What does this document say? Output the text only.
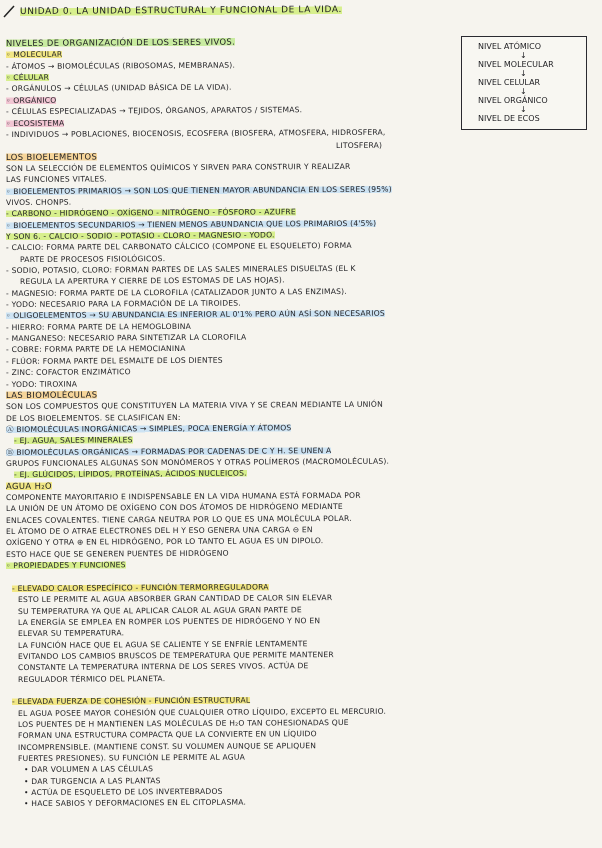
UNIDAD 0. LA UNIDAD ESTRUCTURAL Y FUNCIONAL DE LA VIDA.
NIVEL ATÓMICO
↓
NIVEL MOLECULAR
↓
NIVEL CELULAR
↓
NIVEL ORGÁNICO
↓
NIVEL DE ECOS
NIVELES DE ORGANIZACIÓN DE LOS SERES VIVOS.
◦ MOLECULAR
- ÁTOMOS → BIOMOLÉCULAS (RIBOSOMAS, MEMBRANAS).
◦ CÉLULAR
- ORGÁNULOS → CÉLULAS (UNIDAD BÁSICA DE LA VIDA).
◦ ORGÁNICO
- CÉLULAS ESPECIALIZADAS → TEJIDOS, ÓRGANOS, APARATOS / SISTEMAS.
◦ ECOSISTEMA
- INDIVIDUOS → POBLACIONES, BIOCENOSIS, ECOSFERA (BIOSFERA, ATMOSFERA, HIDROSFERA,
LITOSFERA)
LOS BIOELEMENTOS
SON LA SELECCIÓN DE ELEMENTOS QUÍMICOS Y SIRVEN PARA CONSTRUIR Y REALIZAR
LAS FUNCIONES VITALES.
◦ BIOELEMENTOS PRIMARIOS → SON LOS QUE TIENEN MAYOR ABUNDANCIA EN LOS SERES (95%)
VIVOS. CHONPS.
- CARBONO - HIDRÓGENO - OXÍGENO - NITRÓGENO - FÓSFORO - AZUFRE
◦ BIOELEMENTOS SECUNDARIOS → TIENEN MENOS ABUNDANCIA QUE LOS PRIMARIOS (4'5%)
Y SON 6. - CALCIO - SODIO - POTASIO - CLORO - MAGNESIO - YODO.
- CALCIO: FORMA PARTE DEL CARBONATO CÁLCICO (COMPONE EL ESQUELETO) FORMA
PARTE DE PROCESOS FISIOLÓGICOS.
- SODIO, POTASIO, CLORO: FORMAN PARTES DE LAS SALES MINERALES DISUELTAS (EL K
REGULA LA APERTURA Y CIERRE DE LOS ESTOMAS DE LAS HOJAS).
- MAGNESIO: FORMA PARTE DE LA CLOROFILA (CATALIZADOR JUNTO A LAS ENZIMAS).
- YODO: NECESARIO PARA LA FORMACIÓN DE LA TIROIDES.
◦ OLIGOELEMENTOS → SU ABUNDANCIA ES INFERIOR AL 0'1% PERO AÚN ASÍ SON NECESARIOS
- HIERRO: FORMA PARTE DE LA HEMOGLOBINA
- MANGANESO: NECESARIO PARA SINTETIZAR LA CLOROFILA
- COBRE: FORMA PARTE DE LA HEMOCIANINA
- FLÚOR: FORMA PARTE DEL ESMALTE DE LOS DIENTES
- ZINC: COFACTOR ENZIMÁTICO
- YODO: TIROXINA
LAS BIOMOLÉCULAS
SON LOS COMPUESTOS QUE CONSTITUYEN LA MATERIA VIVA Y SE CREAN MEDIANTE LA UNIÓN
DE LOS BIOELEMENTOS. SE CLASIFICAN EN:
Ⓐ BIOMOLÉCULAS INORGÁNICAS → SIMPLES, POCA ENERGÍA Y ÁTOMOS
- EJ. AGUA, SALES MINERALES
Ⓑ BIOMOLÉCULAS ORGÁNICAS → FORMADAS POR CADENAS DE C Y H. SE UNEN A
GRUPOS FUNCIONALES ALGUNAS SON MONÓMEROS Y OTRAS POLÍMEROS (MACROMOLÉCULAS).
- EJ. GLÚCIDOS, LÍPIDOS, PROTEÍNAS, ÁCIDOS NUCLEICOS.
AGUA H₂O
COMPONENTE MAYORITARIO E INDISPENSABLE EN LA VIDA HUMANA ESTÁ FORMADA POR
LA UNIÓN DE UN ÁTOMO DE OXÍGENO CON DOS ÁTOMOS DE HIDRÓGENO MEDIANTE
ENLACES COVALENTES. TIENE CARGA NEUTRA POR LO QUE ES UNA MOLÉCULA POLAR.
EL ÁTOMO DE O ATRAE ELECTRONES DEL H Y ESO GENERA UNA CARGA ⊖ EN
OXÍGENO Y OTRA ⊕ EN EL HIDRÓGENO, POR LO TANTO EL AGUA ES UN DIPOLO.
ESTO HACE QUE SE GENEREN PUENTES DE HIDRÓGENO
◦ PROPIEDADES Y FUNCIONES
- ELEVADO CALOR ESPECÍFICO - FUNCIÓN TERMORREGULADORA
ESTO LE PERMITE AL AGUA ABSORBER GRAN CANTIDAD DE CALOR SIN ELEVAR
SU TEMPERATURA YA QUE AL APLICAR CALOR AL AGUA GRAN PARTE DE
LA ENERGÍA SE EMPLEA EN ROMPER LOS PUENTES DE HIDRÓGENO Y NO EN
ELEVAR SU TEMPERATURA.
LA FUNCIÓN HACE QUE EL AGUA SE CALIENTE Y SE ENFRÍE LENTAMENTE
EVITANDO LOS CAMBIOS BRUSCOS DE TEMPERATURA QUE PERMITE MANTENER
CONSTANTE LA TEMPERATURA INTERNA DE LOS SERES VIVOS. ACTÚA DE
REGULADOR TÉRMICO DEL PLANETA.
- ELEVADA FUERZA DE COHESIÓN - FUNCIÓN ESTRUCTURAL
EL AGUA POSEE MAYOR COHESIÓN QUE CUALQUIER OTRO LÍQUIDO, EXCEPTO EL MERCURIO.
LOS PUENTES DE H MANTIENEN LAS MOLÉCULAS DE H₂O TAN COHESIONADAS QUE
FORMAN UNA ESTRUCTURA COMPACTA QUE LA CONVIERTE EN UN LÍQUIDO
INCOMPRENSIBLE. (MANTIENE CONST. SU VOLUMEN AUNQUE SE APLIQUEN
FUERTES PRESIONES). SU FUNCIÓN LE PERMITE AL AGUA
• DAR VOLUMEN A LAS CÉLULAS
• DAR TURGENCIA A LAS PLANTAS
• ACTÚA DE ESQUELETO DE LOS INVERTEBRADOS
• HACE SABIOS Y DEFORMACIONES EN EL CITOPLASMA.
